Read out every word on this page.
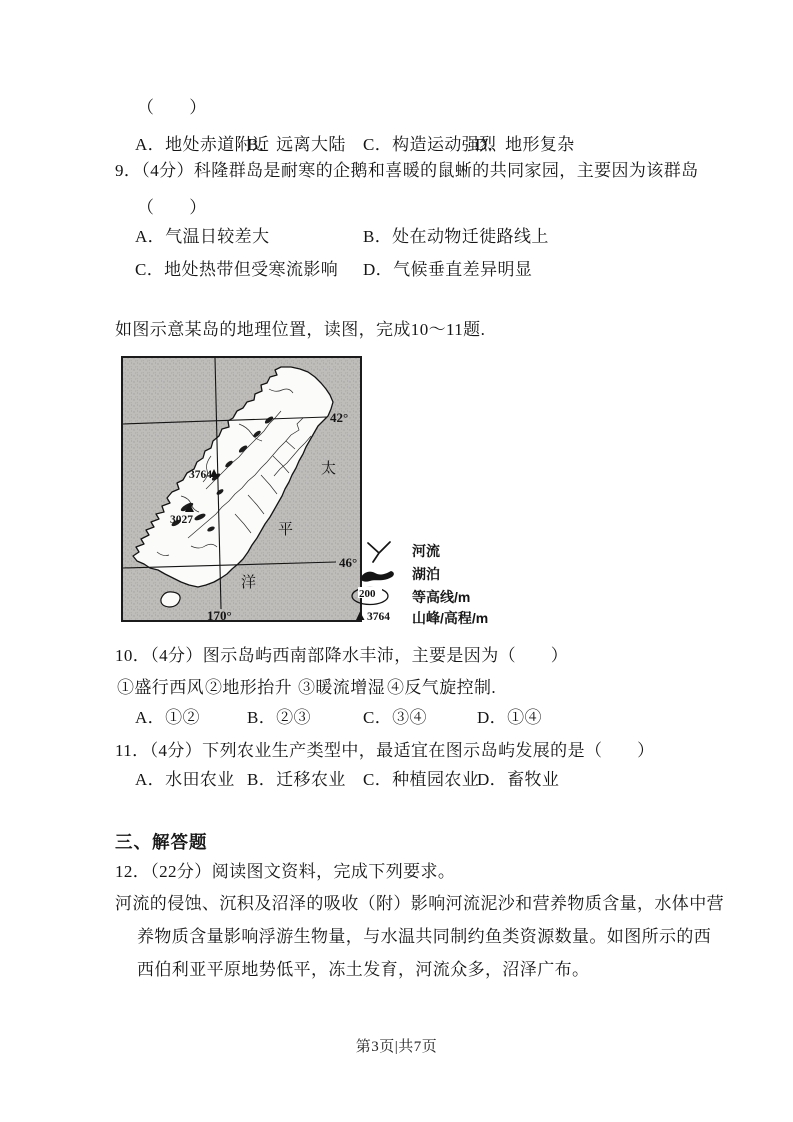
（　　）
A．地处赤道附近
B．远离大陆 C．构造运动强烈
D．地形复杂
9．（4分）科隆群岛是耐寒的企鹅和喜暖的鼠蜥的共同家园，主要因为该群岛
（　　）
A．气温日较差大	B．处在动物迁徙路线上
C．地处热带但受寒流影响 D．气候垂直差异明显
如图示意某岛的地理位置，读图，完成10～11题.
3764
3027
42°
46°
170°
太
平
洋
河流
湖泊
200	等高线/m
3764 山峰/高程/m
10．（4分）图示岛屿西南部降水丰沛，主要是因为（　　）
①盛行西风 ②地形抬升 ③暖流增湿 ④反气旋控制.
A．①②	B．②③	C．③④	D．①④
11．（4分）下列农业生产类型中，最适宜在图示岛屿发展的是（　　）
A．水田农业 B．迁移农业 C．种植园农业
D．畜牧业
三、解答题
12．（22分）阅读图文资料，完成下列要求。
河流的侵蚀、沉积及沼泽的吸收（附）影响河流泥沙和营养物质含量，水体中营
养物质含量影响浮游生物量，与水温共同制约鱼类资源数量。如图所示的西
西伯利亚平原地势低平，冻土发育，河流众多，沼泽广布。
第3页|共7页
